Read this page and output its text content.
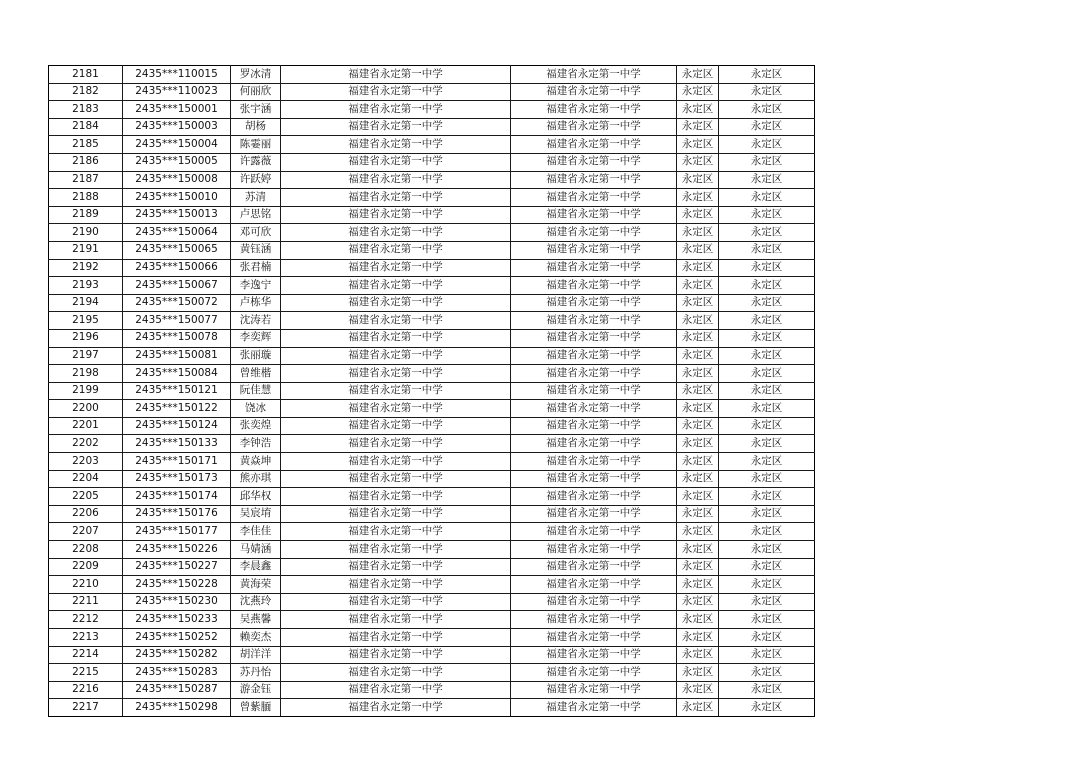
2181	2435***110015	罗冰清	福建省永定第一中学	福建省永定第一中学	永定区	永定区
2182	2435***110023	何丽欣	福建省永定第一中学	福建省永定第一中学	永定区	永定区
2183	2435***150001	张宇涵	福建省永定第一中学	福建省永定第一中学	永定区	永定区
2184	2435***150003	胡杨	福建省永定第一中学	福建省永定第一中学	永定区	永定区
2185	2435***150004	陈霎丽	福建省永定第一中学	福建省永定第一中学	永定区	永定区
2186	2435***150005	许露薇	福建省永定第一中学	福建省永定第一中学	永定区	永定区
2187	2435***150008	许跃婷	福建省永定第一中学	福建省永定第一中学	永定区	永定区
2188	2435***150010	苏清	福建省永定第一中学	福建省永定第一中学	永定区	永定区
2189	2435***150013	卢思铭	福建省永定第一中学	福建省永定第一中学	永定区	永定区
2190	2435***150064	邓可欣	福建省永定第一中学	福建省永定第一中学	永定区	永定区
2191	2435***150065	黄钰涵	福建省永定第一中学	福建省永定第一中学	永定区	永定区
2192	2435***150066	张君楠	福建省永定第一中学	福建省永定第一中学	永定区	永定区
2193	2435***150067	李逸宁	福建省永定第一中学	福建省永定第一中学	永定区	永定区
2194	2435***150072	卢栋华	福建省永定第一中学	福建省永定第一中学	永定区	永定区
2195	2435***150077	沈涛若	福建省永定第一中学	福建省永定第一中学	永定区	永定区
2196	2435***150078	李奕辉	福建省永定第一中学	福建省永定第一中学	永定区	永定区
2197	2435***150081	张丽璇	福建省永定第一中学	福建省永定第一中学	永定区	永定区
2198	2435***150084	曾维楷	福建省永定第一中学	福建省永定第一中学	永定区	永定区
2199	2435***150121	阮佳慧	福建省永定第一中学	福建省永定第一中学	永定区	永定区
2200	2435***150122	饶冰	福建省永定第一中学	福建省永定第一中学	永定区	永定区
2201	2435***150124	张奕煌	福建省永定第一中学	福建省永定第一中学	永定区	永定区
2202	2435***150133	李钟浩	福建省永定第一中学	福建省永定第一中学	永定区	永定区
2203	2435***150171	黄焱坤	福建省永定第一中学	福建省永定第一中学	永定区	永定区
2204	2435***150173	熊亦琪	福建省永定第一中学	福建省永定第一中学	永定区	永定区
2205	2435***150174	邱华权	福建省永定第一中学	福建省永定第一中学	永定区	永定区
2206	2435***150176	吴宸堉	福建省永定第一中学	福建省永定第一中学	永定区	永定区
2207	2435***150177	李佳佳	福建省永定第一中学	福建省永定第一中学	永定区	永定区
2208	2435***150226	马婧涵	福建省永定第一中学	福建省永定第一中学	永定区	永定区
2209	2435***150227	李晨鑫	福建省永定第一中学	福建省永定第一中学	永定区	永定区
2210	2435***150228	黄海荣	福建省永定第一中学	福建省永定第一中学	永定区	永定区
2211	2435***150230	沈燕玲	福建省永定第一中学	福建省永定第一中学	永定区	永定区
2212	2435***150233	吴燕馨	福建省永定第一中学	福建省永定第一中学	永定区	永定区
2213	2435***150252	赖奕杰	福建省永定第一中学	福建省永定第一中学	永定区	永定区
2214	2435***150282	胡洋洋	福建省永定第一中学	福建省永定第一中学	永定区	永定区
2215	2435***150283	苏丹怡	福建省永定第一中学	福建省永定第一中学	永定区	永定区
2216	2435***150287	游金钰	福建省永定第一中学	福建省永定第一中学	永定区	永定区
2217	2435***150298	曾紫腼	福建省永定第一中学	福建省永定第一中学	永定区	永定区
